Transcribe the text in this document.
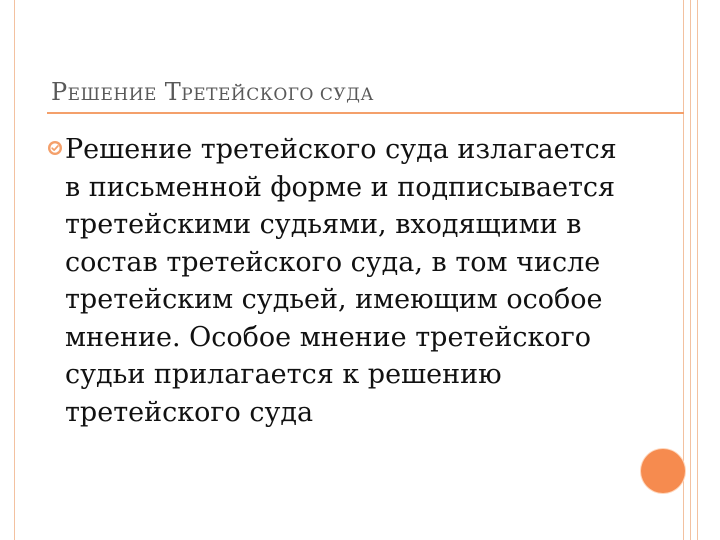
РЕШЕНИЕ ТРЕТЕЙСКОГО СУДА

Решение третейского суда излагается в письменной форме и подписывается третейскими судьями, входящими в состав третейского суда, в том числе третейским судьей, имеющим особое мнение. Особое мнение третейского судьи прилагается к решению третейского суда
